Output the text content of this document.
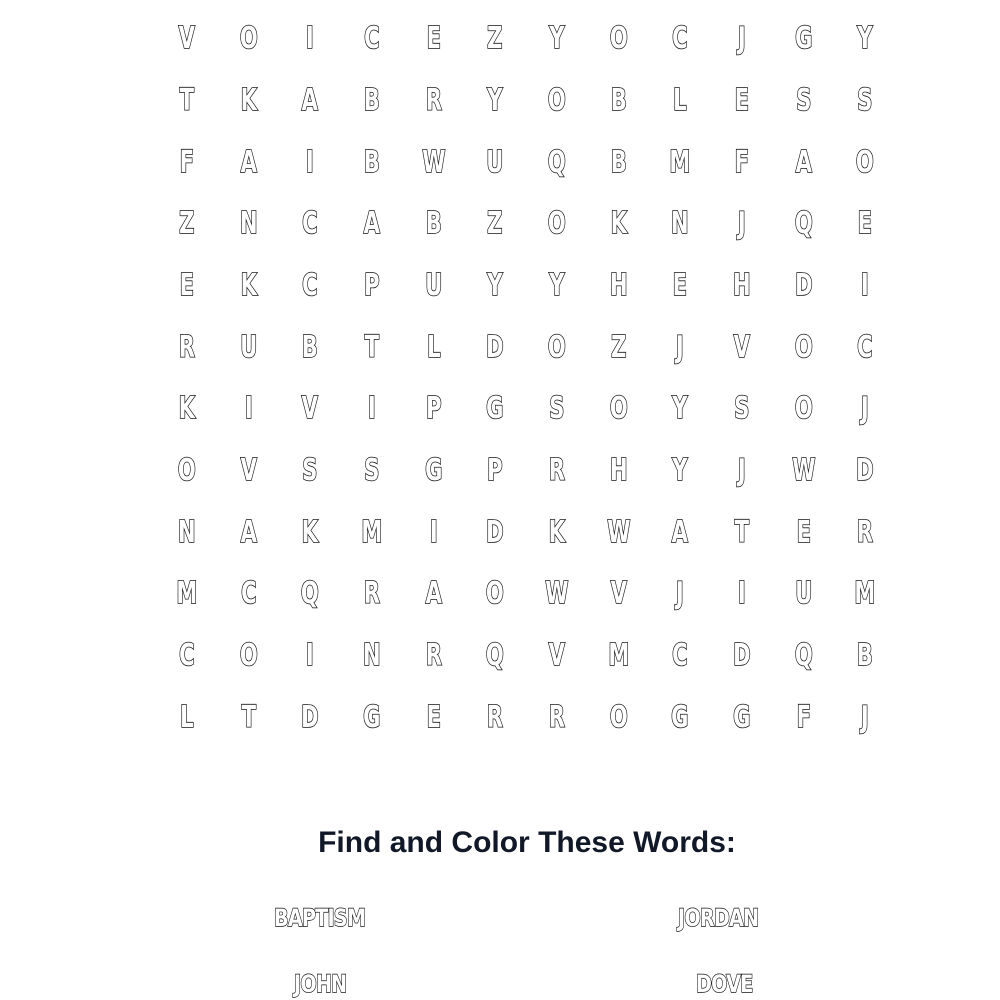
V	O	I	C	E	Z	Y	O	C	J	G	Y
T	K	A	B	R	Y	O	B	L	E	S	S
F	A	I	B	W	U	Q	B	M	F	A	O
Z	N	C	A	B	Z	O	K	N	J	Q	E
E	K	C	P	U	Y	Y	H	E	H	D	I
R	U	B	T	L	D	O	Z	J	V	O	C
K	I	V	I	P	G	S	O	Y	S	O	J
O	V	S	S	G	P	R	H	Y	J	W	D
N	A	K	M	I	D	K	W	A	T	E	R
M	C	Q	R	A	O	W	V	J	I	U	M
C	O	I	N	R	Q	V	M	C	D	Q	B
L	T	D	G	E	R	R	O	G	G	F	J
Find and Color These Words:
BAPTISM	JORDAN
JOHN	DOVE
